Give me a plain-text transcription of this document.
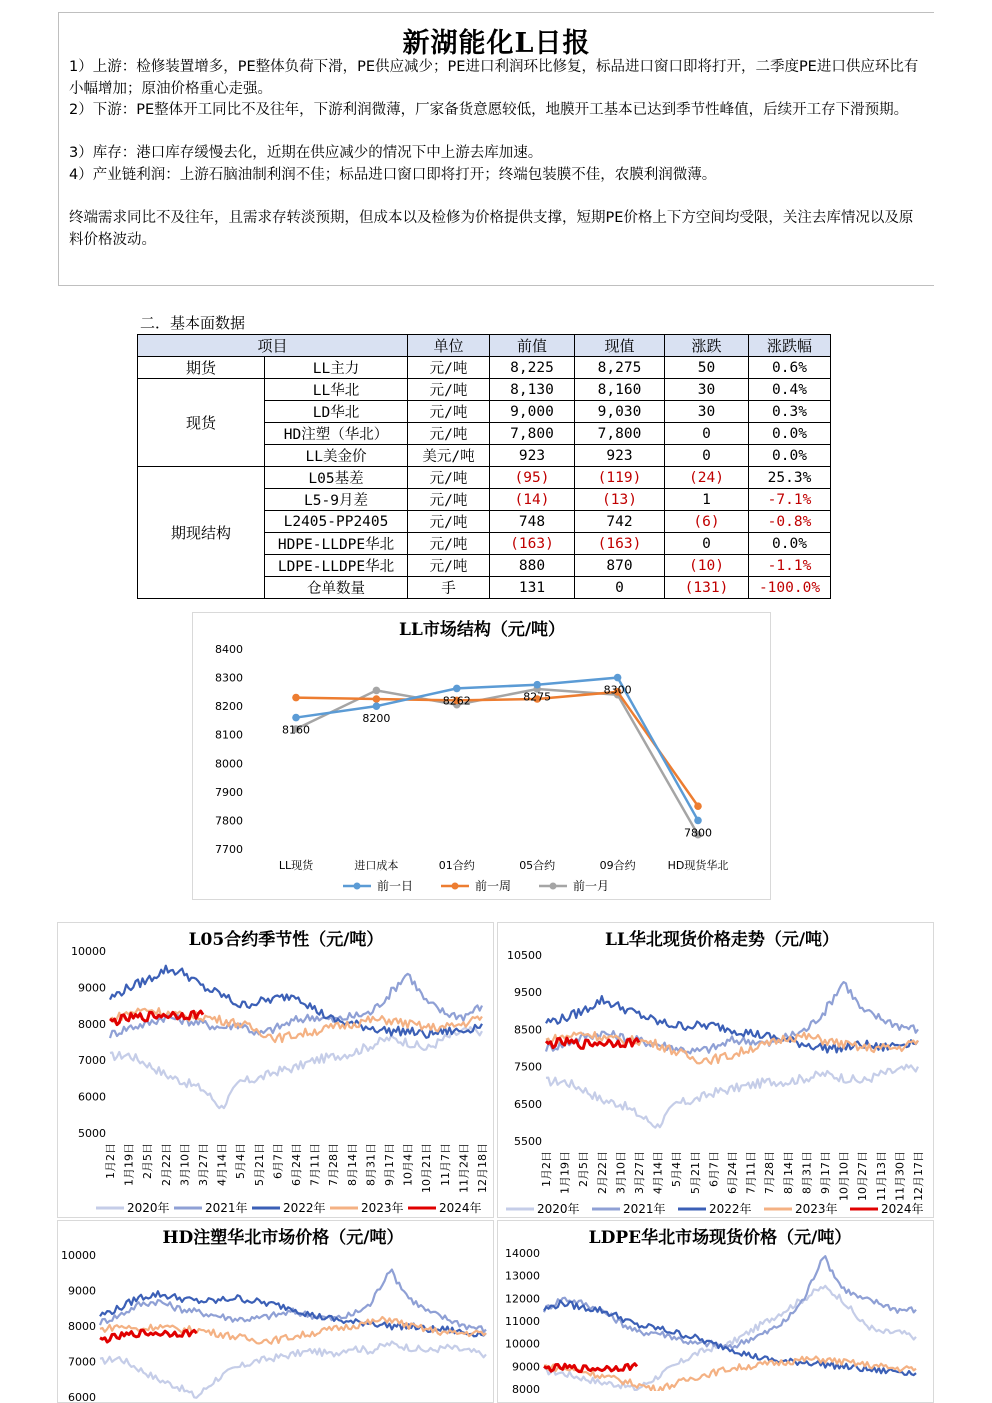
新湖能化L日报
1）上游：检修装置增多，PE整体负荷下滑，PE供应减少；PE进口利润环比修复，标品进口窗口即将打开，二季度PE进口供应环比有小幅增加；原油价格重心走强。
2）下游：PE整体开工同比不及往年，下游利润微薄，厂家备货意愿较低，地膜开工基本已达到季节性峰值，后续开工存下滑预期。
3）库存：港口库存缓慢去化，近期在供应减少的情况下中上游去库加速。
4）产业链利润：上游石脑油制利润不佳；标品进口窗口即将打开；终端包装膜不佳，农膜利润微薄。
终端需求同比不及往年，且需求存转淡预期，但成本以及检修为价格提供支撑，短期PE价格上下方空间均受限，关注去库情况以及原料价格波动。
二．基本面数据
项目		单位	前值	现值	涨跌	涨跌幅
期货	LL主力	元/吨	8,225	8,275	50	0.6%
现货	LL华北	元/吨	8,130	8,160	30	0.4%
	LD华北	元/吨	9,000	9,030	30	0.3%
	HD注塑（华北）	元/吨	7,800	7,800	0	0.0%
	LL美金价	美元/吨	923	923	0	0.0%
期现结构	L05基差	元/吨	(95)	(119)	(24)	25.3%
	L5-9月差	元/吨	(14)	(13)	1	-7.1%
	L2405-PP2405	元/吨	748	742	(6)	-0.8%
	HDPE-LLDPE华北	元/吨	(163)	(163)	0	0.0%
	LDPE-LLDPE华北	元/吨	880	870	(10)	-1.1%
	仓单数量	手	131	0	(131)	-100.0%
LL市场结构（元/吨）
8400
8300
8200
8100
8000
7900
7800
7700
LL现货	进口成本	01合约	05合约	09合约	HD现货华北
8160
8200
8262	8275
8300
7800
前一日	前一周	前一月
L05合约季节性（元/吨）
10000
9000
8000
7000
6000
5000
1月2日 1月19日 2月5日 2月22日 3月10日 3月27日 4月14日 5月4日 5月21日 6月7日 6月24日 7月11日 7月28日 8月14日 8月31日 9月17日 10月4日 10月21日 11月7日 11月24日 12月18日
2020年	2021年	2022年	2023年	2024年
LL华北现货价格走势（元/吨）
10500
9500
8500
7500
6500
5500
1月2日 1月19日 2月5日 2月22日 3月10日 3月27日 4月14日 5月4日 5月21日 6月7日 6月24日 7月11日 7月28日 8月14日 8月31日 9月17日 10月10日 10月27日 11月13日 11月30日 12月17日
2020年	2021年	2022年	2023年	2024年
HD注塑华北市场价格（元/吨）
10000
9000
8000
7000
6000
LDPE华北市场现货价格（元/吨）
14000
13000
12000
11000
10000
9000
8000
